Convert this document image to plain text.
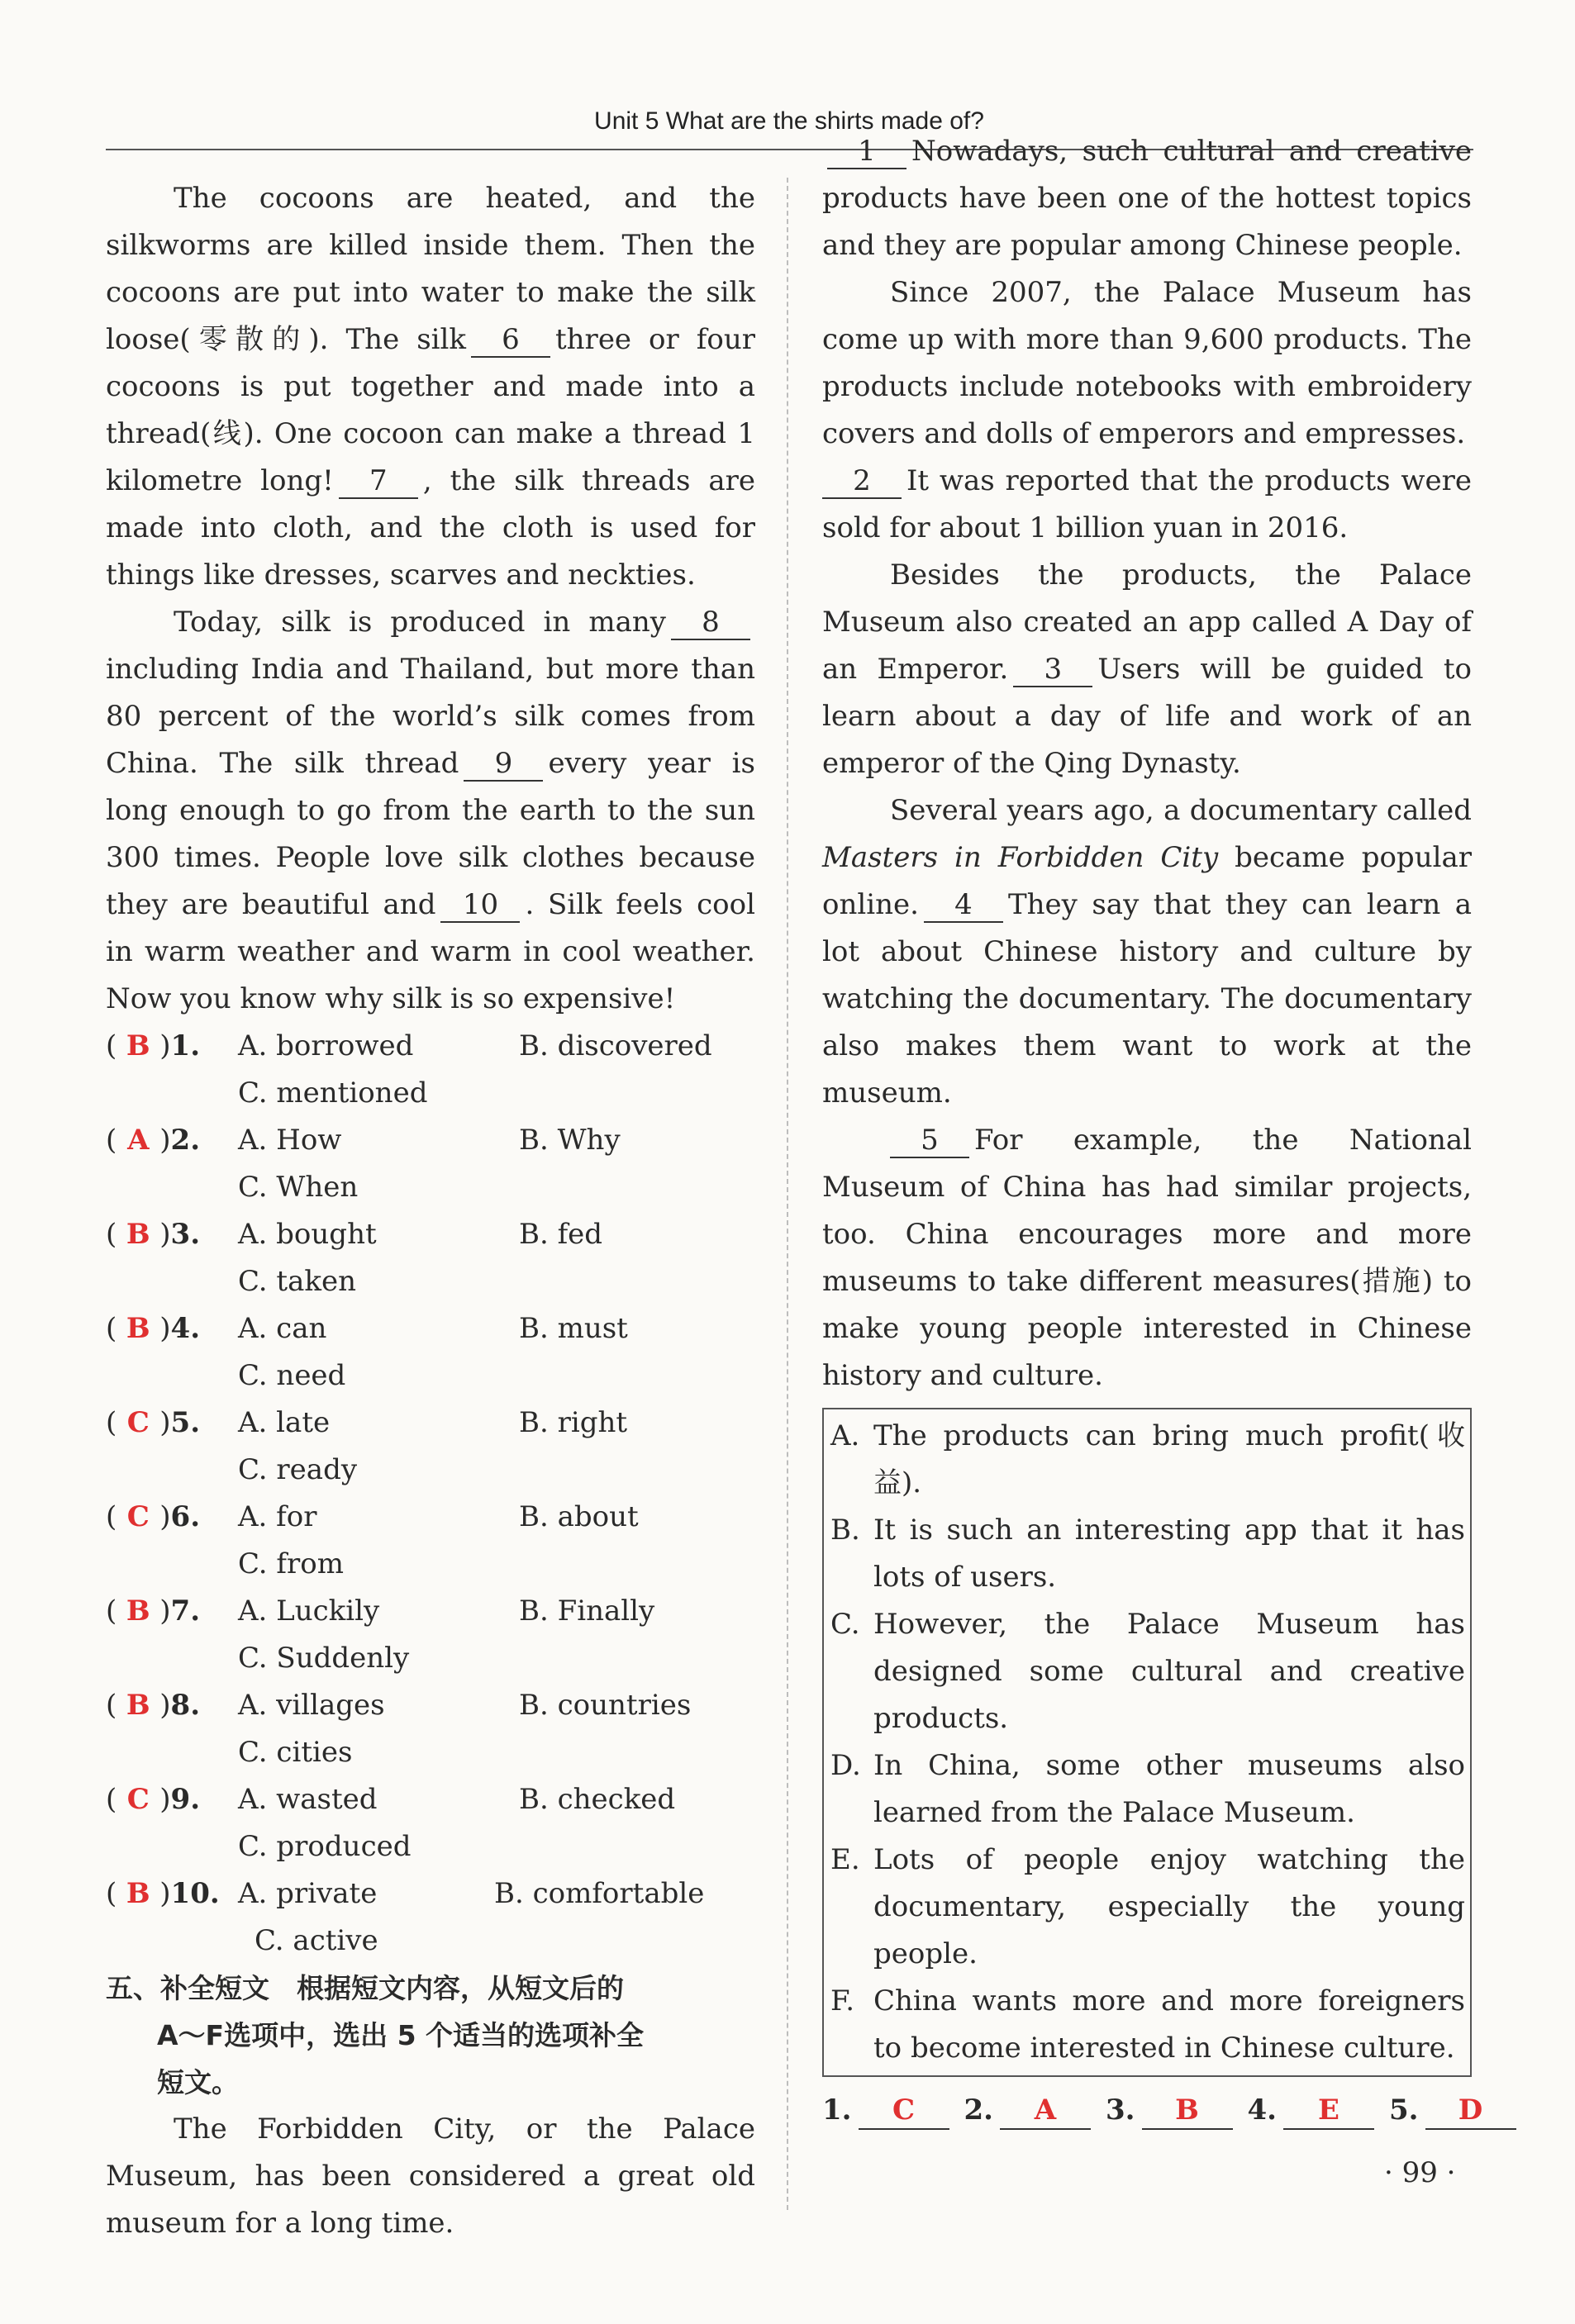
Unit 5 What are the shirts made of?

The cocoons are heated, and the silkworms are killed inside them. Then the cocoons are put into water to make the silk loose(零散的). The silk 6 three or four cocoons is put together and made into a thread(线). One cocoon can make a thread 1 kilometre long! 7 , the silk threads are made into cloth, and the cloth is used for things like dresses, scarves and neckties.

Today, silk is produced in many 8including India and Thailand, but more than 80 percent of the world’s silk comes from China. The silk thread 9 every year is long enough to go from the earth to the sun 300 times. People love silk clothes because they are beautiful and 10 . Silk feels cool in warm weather and warm in cool weather. Now you know why silk is so expensive!

( B ) 1. A. borrowed	B. discovered
C. mentioned
( A ) 2. A. How	B. Why
C. When
( B ) 3. A. bought	B. fed
C. taken
( B ) 4. A. can	B. must
C. need
( C ) 5. A. late	B. right
C. ready
( C ) 6. A. for	B. about
C. from
( B ) 7. A. Luckily	B. Finally
C. Suddenly
( B ) 8. A. villages	B. countries
C. cities
( C ) 9. A. wasted	B. checked
C. produced
( B ) 10. A. private	B. comfortable
C. active
五、补全短文　根据短文内容，从短文后的
A～F选项中，选出 5 个适当的选项补全
短文。

The Forbidden City, or the Palace Museum, has been considered a great old museum for a long time.

1 Nowadays, such cultural and creative products have been one of the hottest topics and they are popular among Chinese people.

Since 2007, the Palace Museum has come up with more than 9,600 products. The products include notebooks with embroidery covers and dolls of emperors and empresses.

2 It was reported that the products were sold for about 1 billion yuan in 2016.

Besides the products, the Palace Museum also created an app called A Day of an Emperor. 3 Users will be guided to learn about a day of life and work of an emperor of the Qing Dynasty.

Several years ago, a documentary called Masters in Forbidden City became popular online. 4 They say that they can learn a lot about Chinese history and culture by watching the documentary. The documentary also makes them want to work at the museum.

5 For example, the National Museum of China has had similar projects, too. China encourages more and more museums to take different measures(措施) to make young people interested in Chinese history and culture.

A. The products can bring much profit(收益).
B. It is such an interesting app that it has lots of users.
C. However, the Palace Museum has designed some cultural and creative products.
D. In China, some other museums also learned from the Palace Museum.
E. Lots of people enjoy watching the documentary, especially the young people.
F. China wants more and more foreigners to become interested in Chinese culture.
1. C	2. A	3. B	4. E	5. D
· 99 ·
